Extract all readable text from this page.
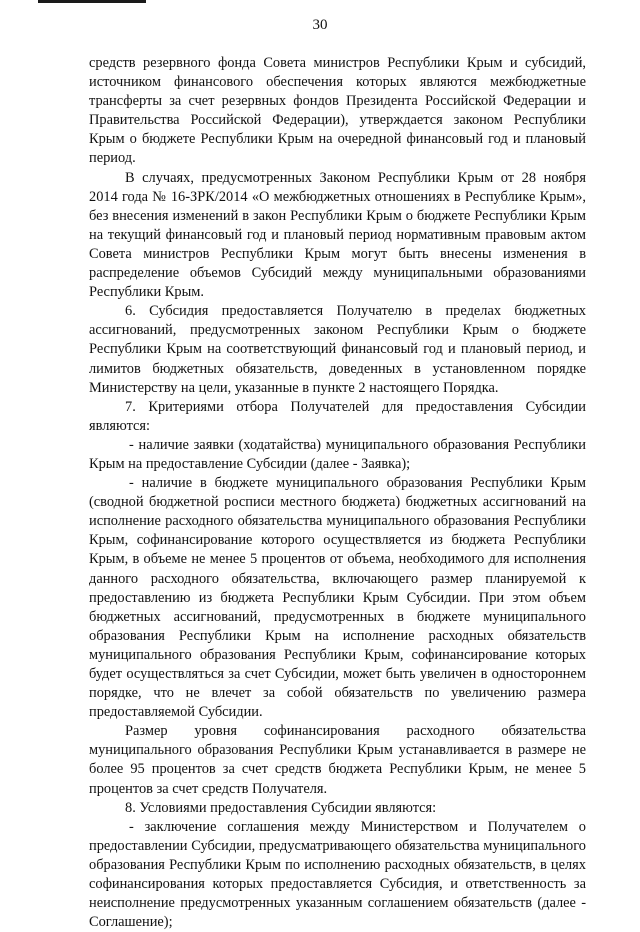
30

средств резервного фонда Совета министров Республики Крым и субсидий, источником финансового обеспечения которых являются межбюджетные трансферты за счет резервных фондов Президента Российской Федерации и Правительства Российской Федерации), утверждается законом Республики Крым о бюджете Республики Крым на очередной финансовый год и плановый период.

В случаях, предусмотренных Законом Республики Крым от 28 ноября 2014 года № 16-ЗРК/2014 «О межбюджетных отношениях в Республике Крым», без внесения изменений в закон Республики Крым о бюджете Республики Крым на текущий финансовый год и плановый период нормативным правовым актом Совета министров Республики Крым могут быть внесены изменения в распределение объемов Субсидий между муниципальными образованиями Республики Крым.

6. Субсидия предоставляется Получателю в пределах бюджетных ассигнований, предусмотренных законом Республики Крым о бюджете Республики Крым на соответствующий финансовый год и плановый период, и лимитов бюджетных обязательств, доведенных в установленном порядке Министерству на цели, указанные в пункте 2 настоящего Порядка.

7. Критериями отбора Получателей для предоставления Субсидии являются:

- наличие заявки (ходатайства) муниципального образования Республики Крым на предоставление Субсидии (далее - Заявка);

- наличие в бюджете муниципального образования Республики Крым (сводной бюджетной росписи местного бюджета) бюджетных ассигнований на исполнение расходного обязательства муниципального образования Республики Крым, софинансирование которого осуществляется из бюджета Республики Крым, в объеме не менее 5 процентов от объема, необходимого для исполнения данного расходного обязательства, включающего размер планируемой к предоставлению из бюджета Республики Крым Субсидии. При этом объем бюджетных ассигнований, предусмотренных в бюджете муниципального образования Республики Крым на исполнение расходных обязательств муниципального образования Республики Крым, софинансирование которых будет осуществляться за счет Субсидии, может быть увеличен в одностороннем порядке, что не влечет за собой обязательств по увеличению размера предоставляемой Субсидии.

Размер уровня софинансирования расходного обязательства муниципального образования Республики Крым устанавливается в размере не более 95 процентов за счет средств бюджета Республики Крым, не менее 5 процентов за счет средств Получателя.

8. Условиями предоставления Субсидии являются:

- заключение соглашения между Министерством и Получателем о предоставлении Субсидии, предусматривающего обязательства муниципального образования Республики Крым по исполнению расходных обязательств, в целях софинансирования которых предоставляется Субсидия, и ответственность за неисполнение предусмотренных указанным соглашением обязательств (далее - Соглашение);
